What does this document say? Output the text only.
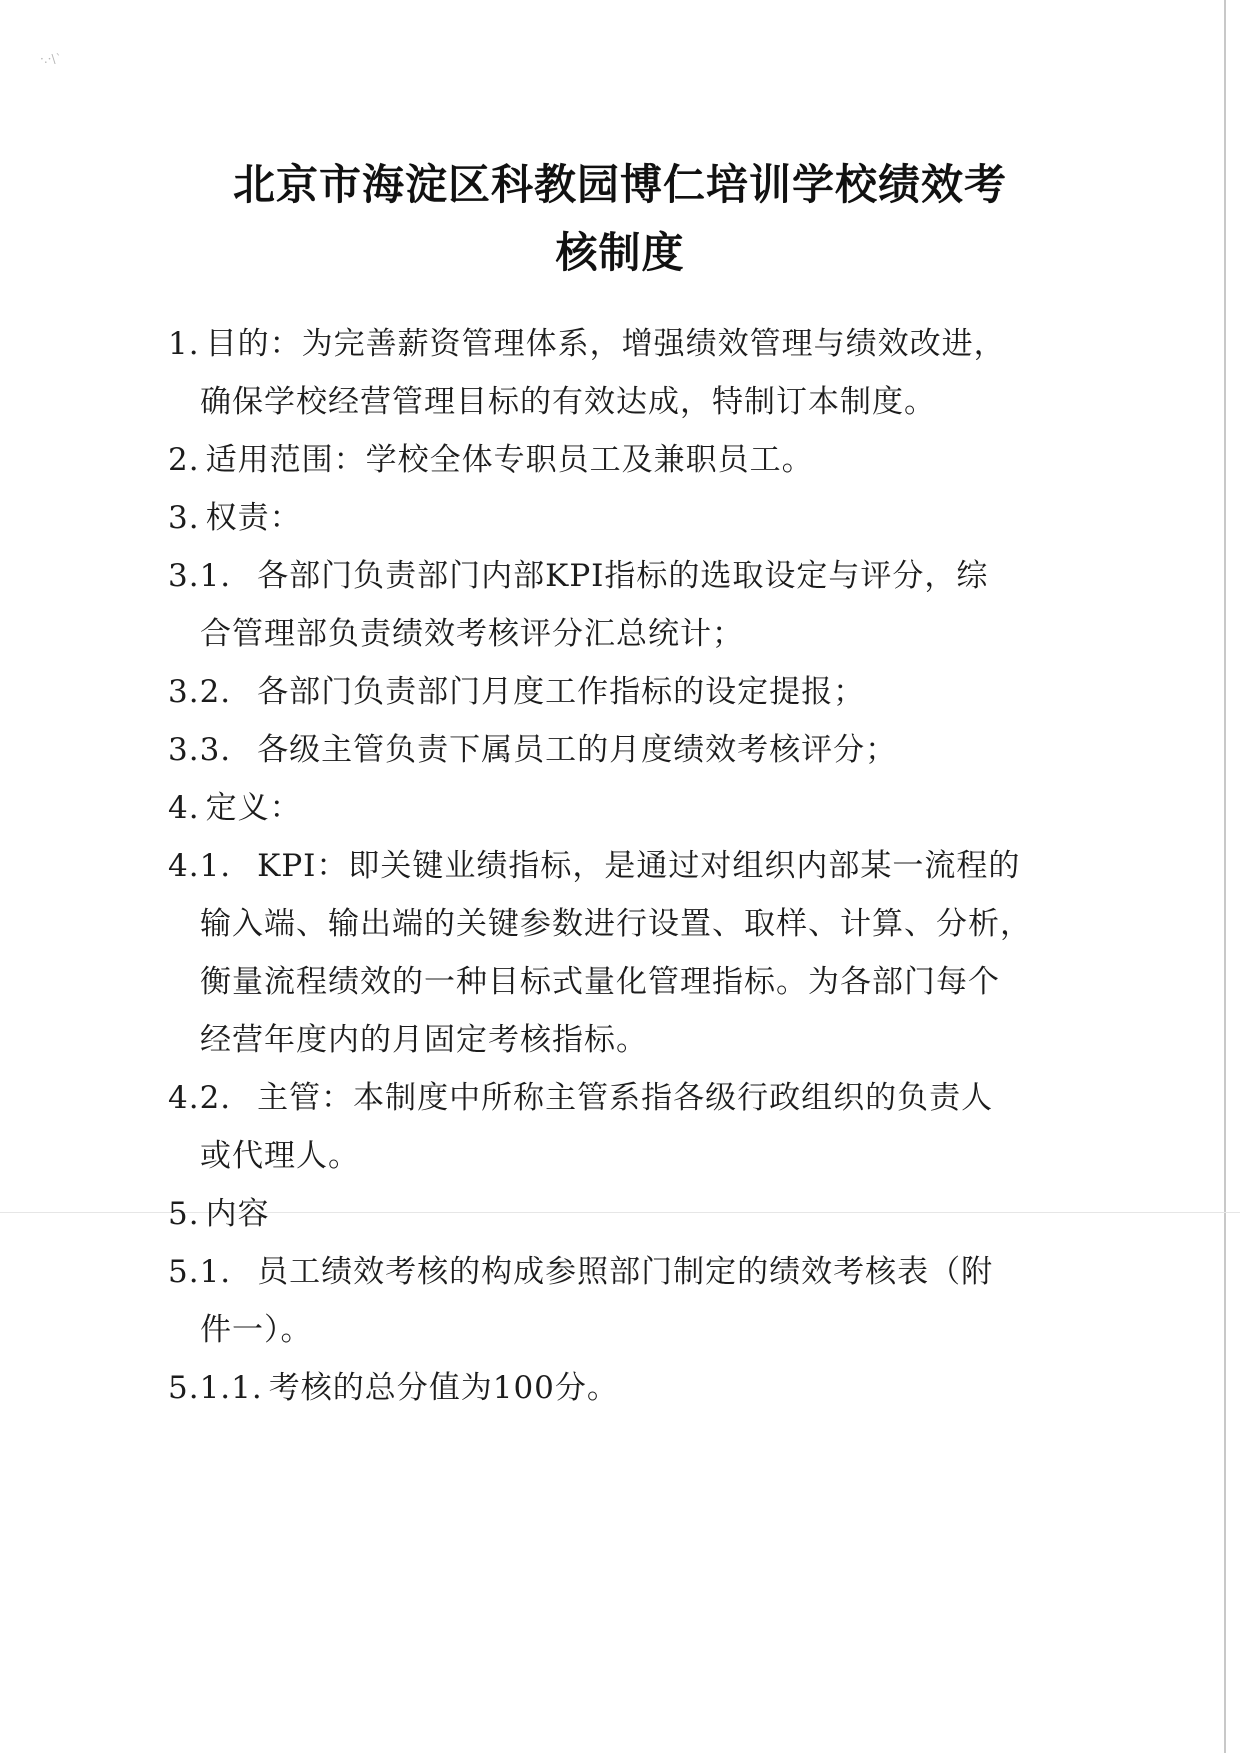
·.·\`
北京市海淀区科教园博仁培训学校绩效考
核制度
1. 目的：为完善薪资管理体系，增强绩效管理与绩效改进，
确保学校经营管理目标的有效达成，特制订本制度。
2. 适用范围：学校全体专职员工及兼职员工。
3. 权责：
3.1. 各部门负责部门内部KPI指标的选取设定与评分，综
合管理部负责绩效考核评分汇总统计；
3.2. 各部门负责部门月度工作指标的设定提报；
3.3. 各级主管负责下属员工的月度绩效考核评分；
4. 定义：
4.1. KPI：即关键业绩指标，是通过对组织内部某一流程的
输入端、输出端的关键参数进行设置、取样、计算、分析，
衡量流程绩效的一种目标式量化管理指标。为各部门每个
经营年度内的月固定考核指标。
4.2. 主管：本制度中所称主管系指各级行政组织的负责人
或代理人。
5. 内容
5.1. 员工绩效考核的构成参照部门制定的绩效考核表（附
件一）。
5.1.1. 考核的总分值为100分。
